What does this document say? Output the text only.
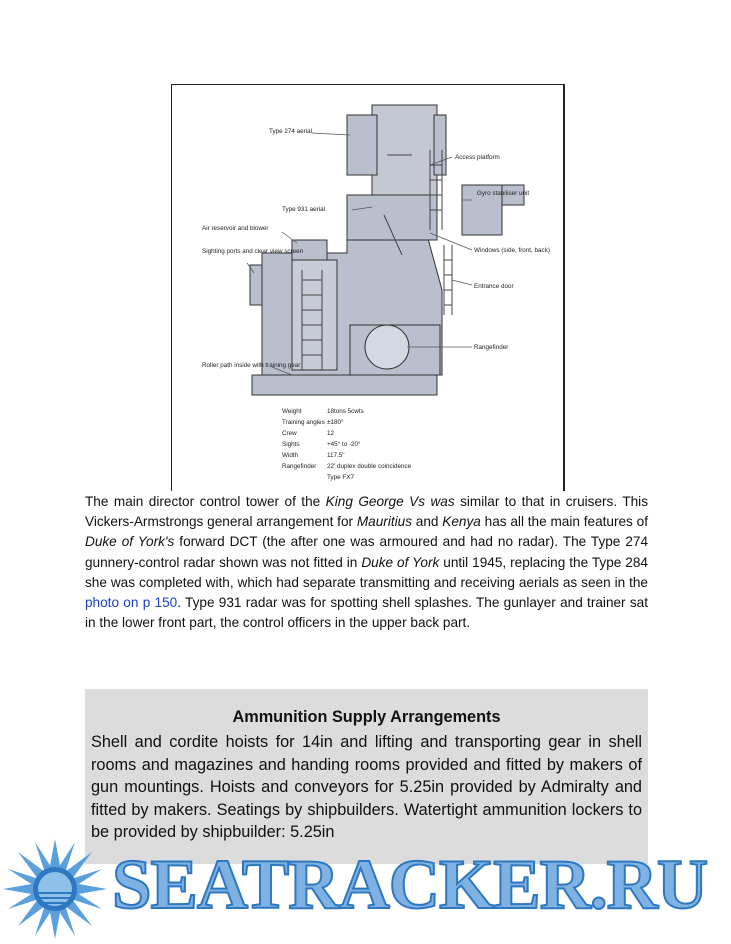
Type 274 aerial
Access platform
Gyro stabiliser unit
Type 931 aerial
Air reservoir and blower
Windows (side, front, back)
Sighting ports and clear view screen
Entrance door
Rangefinder
Roller path inside with training gear
Weight	18tons 5cwts
Training angles ±180°
Crew	12
Sights	+45° to -20°
Width	117.5"
Rangefinder 22' duplex double coincidence
Type FX7
The main director control tower of the King George Vs was similar to that in cruisers. This Vickers-Armstrongs general arrangement for Mauritius and Kenya has all the main features of Duke of York's forward DCT (the after one was armoured and had no radar). The Type 274 gunnery-control radar shown was not fitted in Duke of York until 1945, replacing the Type 284 she was completed with, which had separate transmitting and receiving aerials as seen in the photo on p 150. Type 931 radar was for spotting shell splashes. The gunlayer and trainer sat in the lower front part, the control officers in the upper back part.
Ammunition Supply Arrangements

Shell and cordite hoists for 14in and lifting and transporting gear in shell rooms and magazines and handing rooms provided and fitted by makers of gun mountings. Hoists and conveyors for 5.25in provided by Admiralty and fitted by makers. Seatings by shipbuilders. Watertight ammunition lockers to be provided by shipbuilder: 5.25in

SEATRACKER.RU
